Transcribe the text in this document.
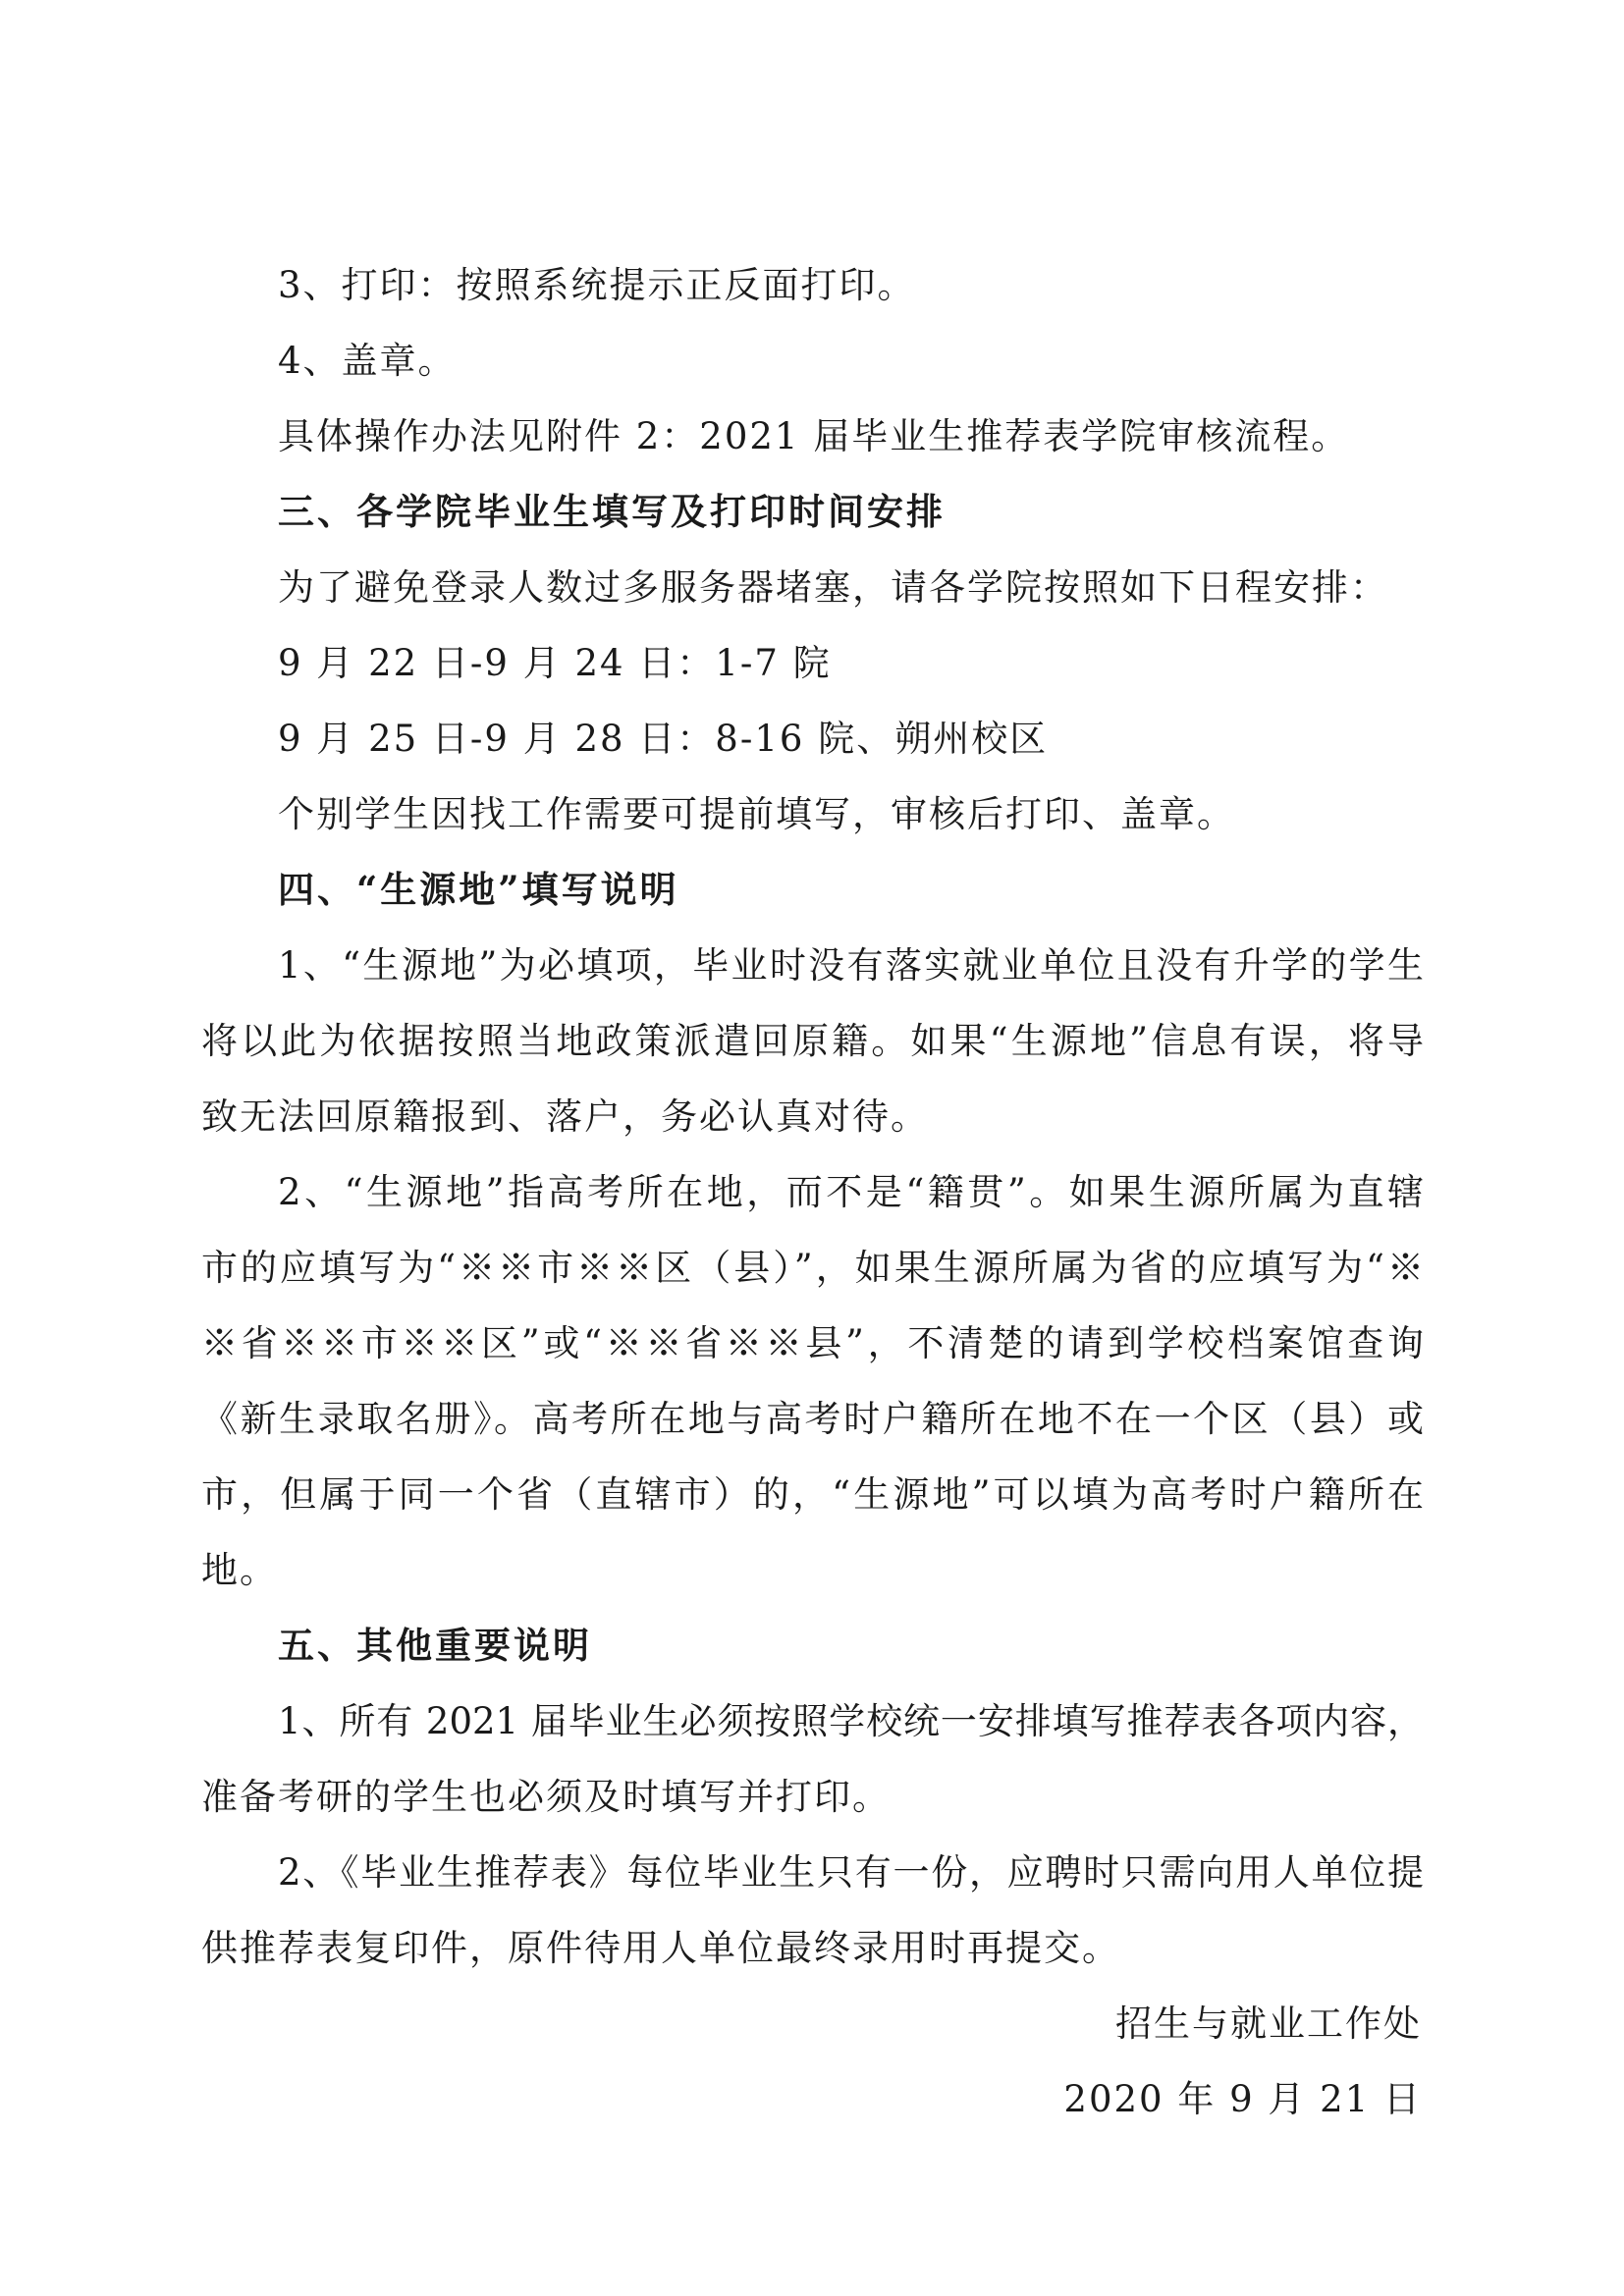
3、打印：按照系统提示正反面打印。
4、盖章。
具体操作办法见附件 2：2021 届毕业生推荐表学院审核流程。
三、各学院毕业生填写及打印时间安排
为了避免登录人数过多服务器堵塞，请各学院按照如下日程安排：
9 月 22 日-9 月 24 日：1-7 院
9 月 25 日-9 月 28 日：8-16 院、朔州校区
个别学生因找工作需要可提前填写，审核后打印、盖章。
四、“生源地”填写说明
1、“生源地”为必填项，毕业时没有落实就业单位且没有升学的学生
将以此为依据按照当地政策派遣回原籍。如果“生源地”信息有误，将导
致无法回原籍报到、落户，务必认真对待。
2、“生源地”指高考所在地，而不是“籍贯”。如果生源所属为直辖
市的应填写为“※※市※※区（县）”，如果生源所属为省的应填写为“※
※省※※市※※区”或“※※省※※县”，不清楚的请到学校档案馆查询
《新生录取名册》。高考所在地与高考时户籍所在地不在一个区（县）或
市，但属于同一个省（直辖市）的，“生源地”可以填为高考时户籍所在
地。
五、其他重要说明
1、所有 2021 届毕业生必须按照学校统一安排填写推荐表各项内容，
准备考研的学生也必须及时填写并打印。
2、《毕业生推荐表》每位毕业生只有一份，应聘时只需向用人单位提
供推荐表复印件，原件待用人单位最终录用时再提交。
招生与就业工作处
2020 年 9 月 21 日
